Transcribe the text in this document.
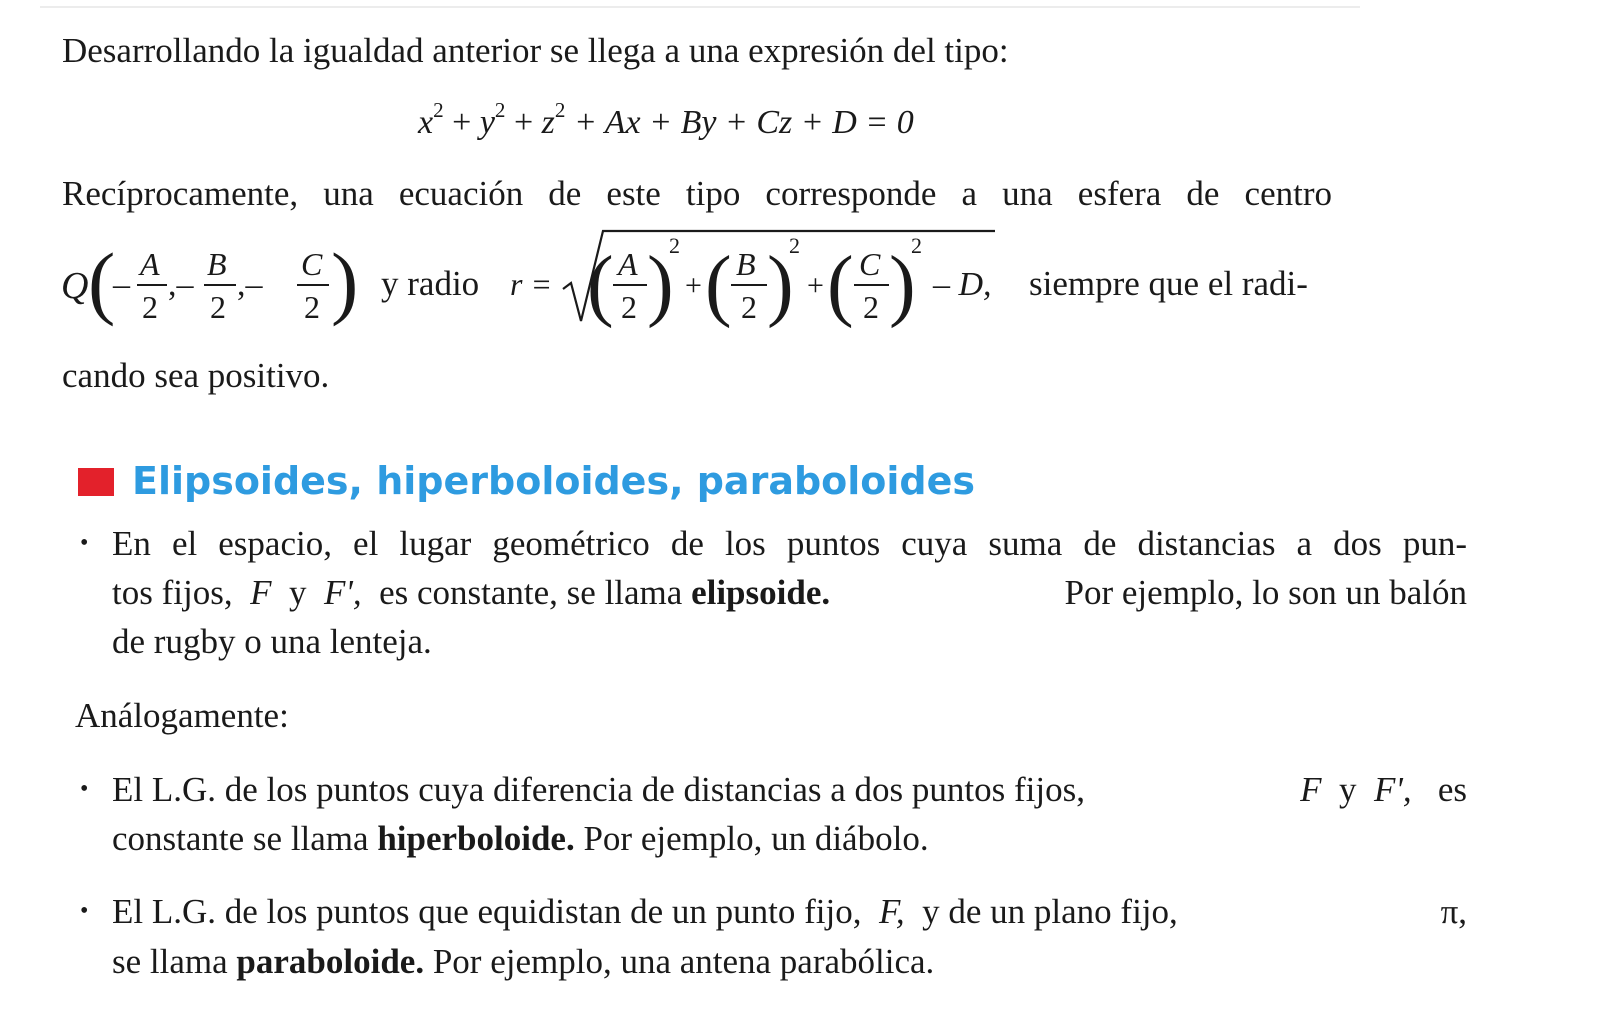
Desarrollando la igualdad anterior se llega a una expresión del tipo:
$x^2 + y^2 + z^2 + Ax + By + Cz + D = 0$
Recíprocamente, una ecuación de este tipo corresponde a una esfera de centro
Q (
–
A
2
,–
B
2
,–
C
2 ) y radio r = ( A
2 )
2
+ ( B
2 )
2
+ ( C
2 )
2
– D, siempre que el radi-
cando sea positivo.
Elipsoides, hiperboloides, paraboloides
• En el espacio, el lugar geométrico de los puntos cuya suma de distancias a dos pun-
tos fijos, F y F', es constante, se llama elipsoide.	Por ejemplo, lo son un balón
de rugby o una lenteja.
Análogamente:
• El L.G. de los puntos cuya diferencia de distancias a dos puntos fijos,	F y F', es
constante se llama hiperboloide. Por ejemplo, un diábolo.
• El L.G. de los puntos que equidistan de un punto fijo, F, y de un plano fijo,	π,
se llama paraboloide. Por ejemplo, una antena parabólica.
